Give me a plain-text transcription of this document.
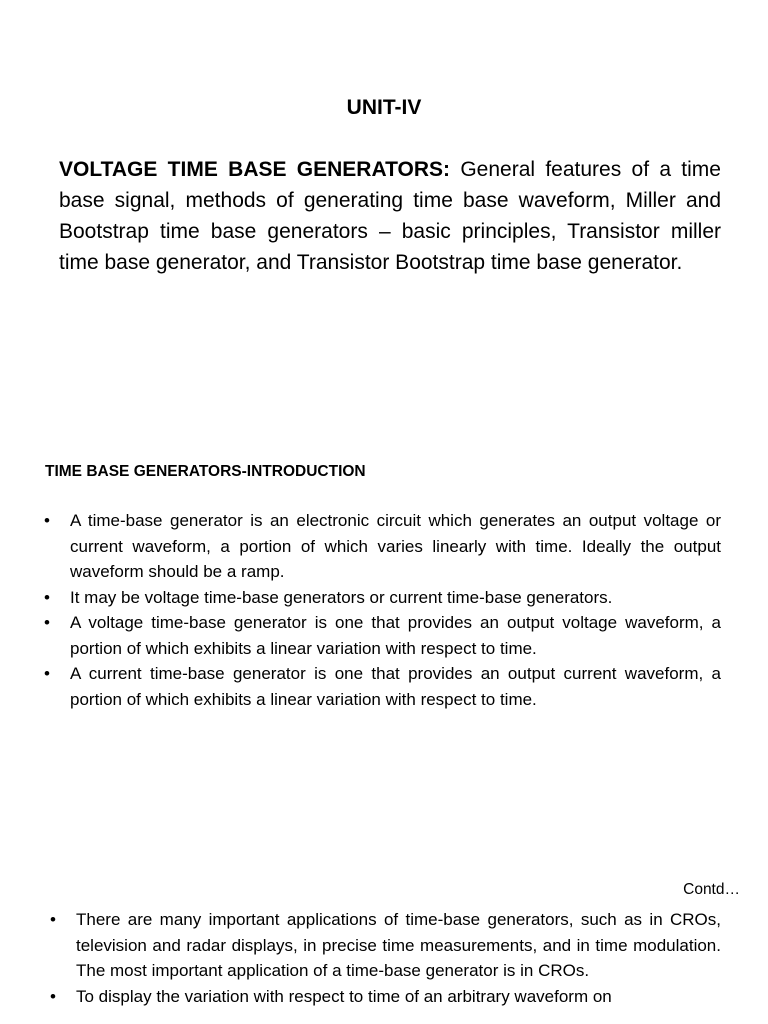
UNIT-IV

VOLTAGE TIME BASE GENERATORS: General features of a time base signal, methods of generating time base waveform, Miller and Bootstrap time base generators – basic principles, Transistor miller time base generator, and Transistor Bootstrap time base generator.

TIME BASE GENERATORS-INTRODUCTION
• A time-base generator is an electronic circuit which generates an output voltage or current waveform, a portion of which varies linearly with time. Ideally the output waveform should be a ramp.
• It may be voltage time-base generators or current time-base generators.
• A voltage time-base generator is one that provides an output voltage waveform, a portion of which exhibits a linear variation with respect to time.
• A current time-base generator is one that provides an output current waveform, a portion of which exhibits a linear variation with respect to time.
Contd…
• There are many important applications of time-base generators, such as in CROs, television and radar displays, in precise time measurements, and in time modulation. The most important application of a time-base generator is in CROs.
• To display the variation with respect to time of an arbitrary waveform on
